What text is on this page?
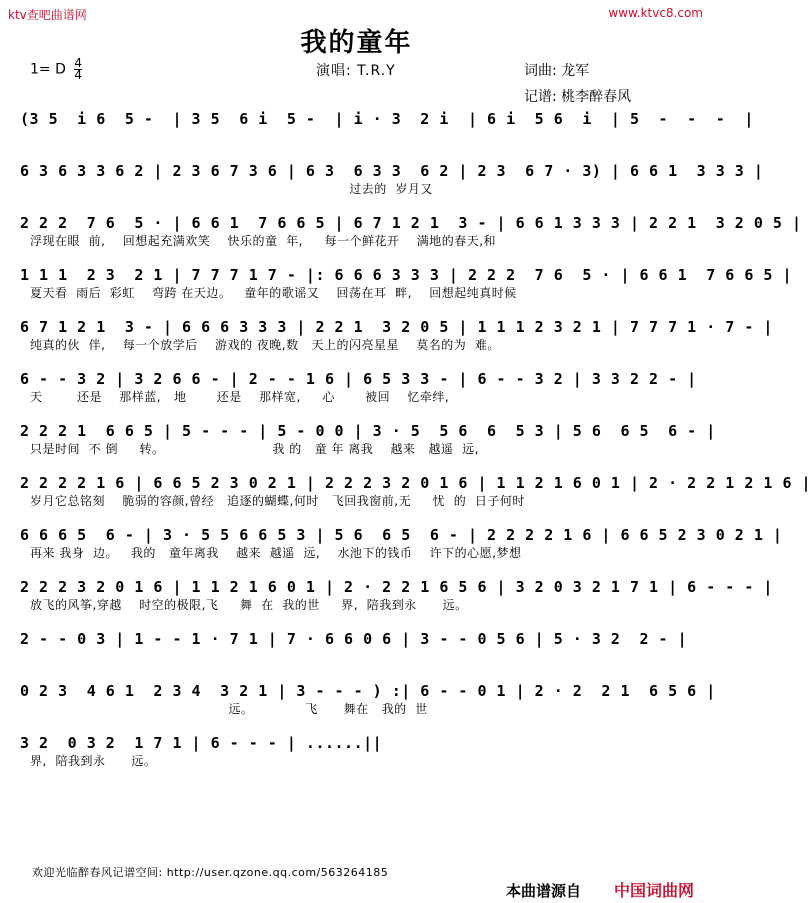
ktv查吧曲谱网	www.ktvc8.com
我的童年
1= D $\frac{4}{4}$	演唱: T.R.Y	词曲: 龙军
记谱: 桃李醉春风
(3 5  i 6  5 -  | 3 5  6 i  5 -  | i · 3  2 i  | 6 i  5 6  i  | 5  -  -  -  |
6 3 6 3 3 6 2 | 2 3 6 7 3 6 | 6 3  6 3 3  6 2 | 2 3  6 7 · 3) | 6 6 1  3 3 3 |
过去的  岁月又
2 2 2  7 6  5 · | 6 6 1  7 6 6 5 | 6 7 1 2 1  3 - | 6 6 1 3 3 3 | 2 2 1  3 2 0 5 |
浮现在眼  前,    回想起充满欢笑    快乐的童  年,     每一个鲜花开    满地的春天,和
1 1 1  2 3  2 1 | 7 7 7 1 7 - |: 6 6 6 3 3 3 | 2 2 2  7 6  5 · | 6 6 1  7 6 6 5 |
夏天看  雨后  彩虹    弯跨 在天边。   童年的歌谣又    回荡在耳  畔,    回想起纯真时候
6 7 1 2 1  3 - | 6 6 6 3 3 3 | 2 2 1  3 2 0 5 | 1 1 1 2 3 2 1 | 7 7 7 1 · 7 - |
纯真的伙  伴,    每一个放学后    游戏的 夜晚,数   天上的闪亮星星    莫名的为  难。
6 - - 3 2 | 3 2 6 6 - | 2 - - 1 6 | 6 5 3 3 - | 6 - - 3 2 | 3 3 2 2 - |
天        还是    那样蓝,   地       还是    那样宽,     心       被回    忆牵绊,
2 2 2 1  6 6 5 | 5 - - - | 5 - 0 0 | 3 · 5  5 6  6  5 3 | 5 6  6 5  6 - |
只是时间  不 倒     转。                         我 的   童 年 离我    越来   越遥  远,
2 2 2 2 1 6 | 6 6 5 2 3 0 2 1 | 2 2 2 3 2 0 1 6 | 1 1 2 1 6 0 1 | 2 · 2 2 1 2 1 6 |
岁月它总铭刻    脆弱的容颜,曾经   追逐的蝴蝶,何时   飞回我窗前,无     忧  的  日子何时
6 6 6 5  6 - | 3 · 5 5 6 6 5 3 | 5 6  6 5  6 - | 2 2 2 2 1 6 | 6 6 5 2 3 0 2 1 |
再来 我身  边。   我的   童年离我    越来  越遥  远,    水池下的钱币    许下的心愿,梦想
2 2 2 3 2 0 1 6 | 1 1 2 1 6 0 1 | 2 · 2 2 1 6 5 6 | 3 2 0 3 2 1 7 1 | 6 - - - |
放飞的风筝,穿越    时空的极限,飞     舞  在  我的世     界,  陪我到永      远。
2 - - 0 3 | 1 - - 1 · 7 1 | 7 · 6 6 0 6 | 3 - - 0 5 6 | 5 · 3 2  2 - |
0 2 3  4 6 1  2 3 4  3 2 1 | 3 - - - ) :| 6 - - 0 1 | 2 · 2  2 1  6 5 6 |
远。            飞      舞在   我的  世
3 2  0 3 2  1 7 1 | 6 - - - | ......||
界,  陪我到永      远。
欢迎光临醉春风记谱空间: http://user.qzone.qq.com/563264185
本曲谱源自 中国词曲网
